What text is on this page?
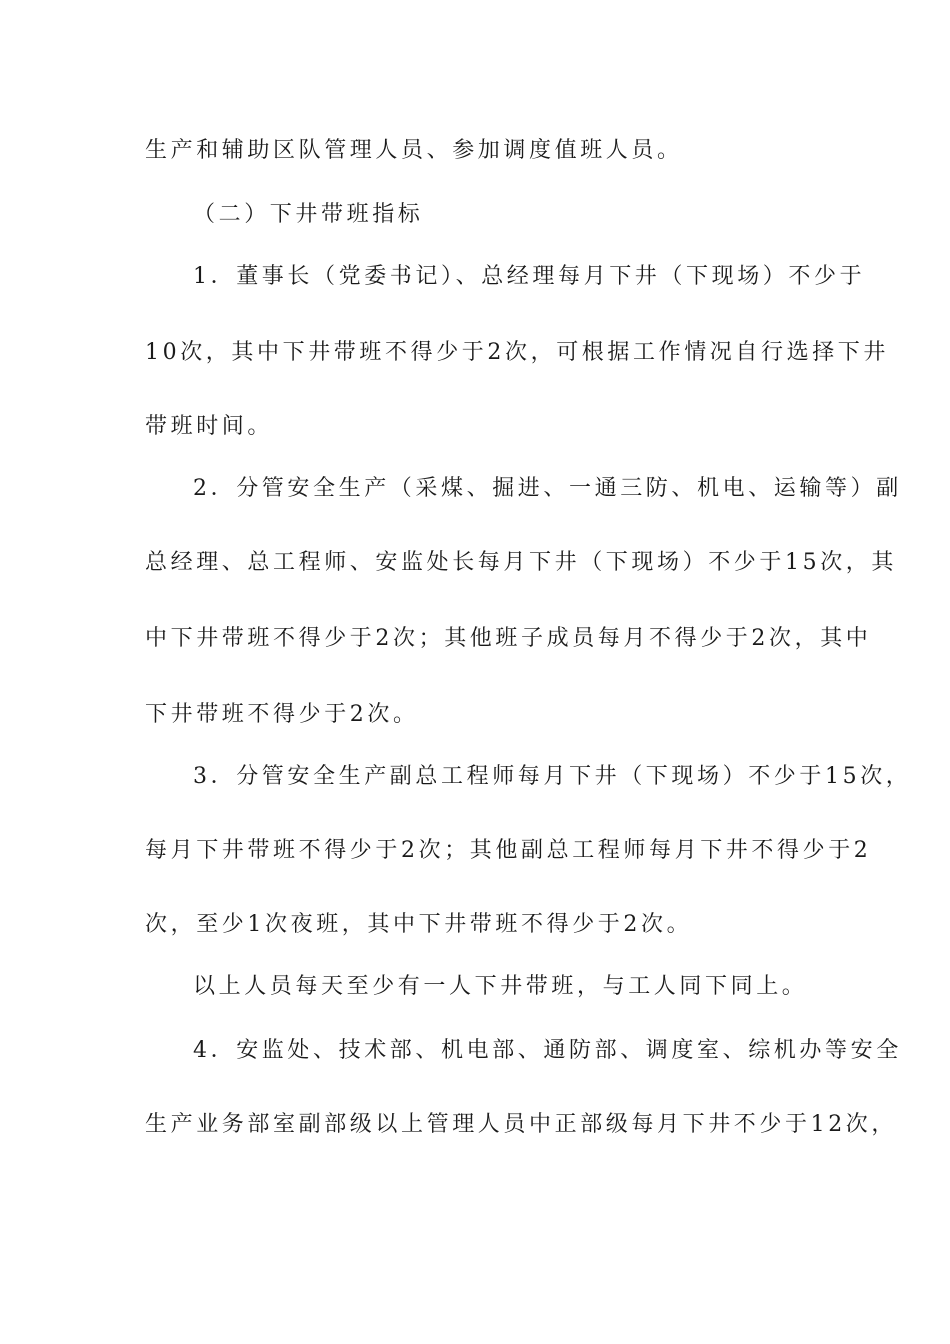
生产和辅助区队管理人员、参加调度值班人员。
（二）下井带班指标
1．董事长（党委书记）、总经理每月下井（下现场）不少于
10次，其中下井带班不得少于2次，可根据工作情况自行选择下井
带班时间。
2．分管安全生产（采煤、掘进、一通三防、机电、运输等）副
总经理、总工程师、安监处长每月下井（下现场）不少于15次，其
中下井带班不得少于2次；其他班子成员每月不得少于2次，其中
下井带班不得少于2次。
3．分管安全生产副总工程师每月下井（下现场）不少于15次，
每月下井带班不得少于2次；其他副总工程师每月下井不得少于2
次，至少1次夜班，其中下井带班不得少于2次。
以上人员每天至少有一人下井带班，与工人同下同上。
4．安监处、技术部、机电部、通防部、调度室、综机办等安全
生产业务部室副部级以上管理人员中正部级每月下井不少于12次，
